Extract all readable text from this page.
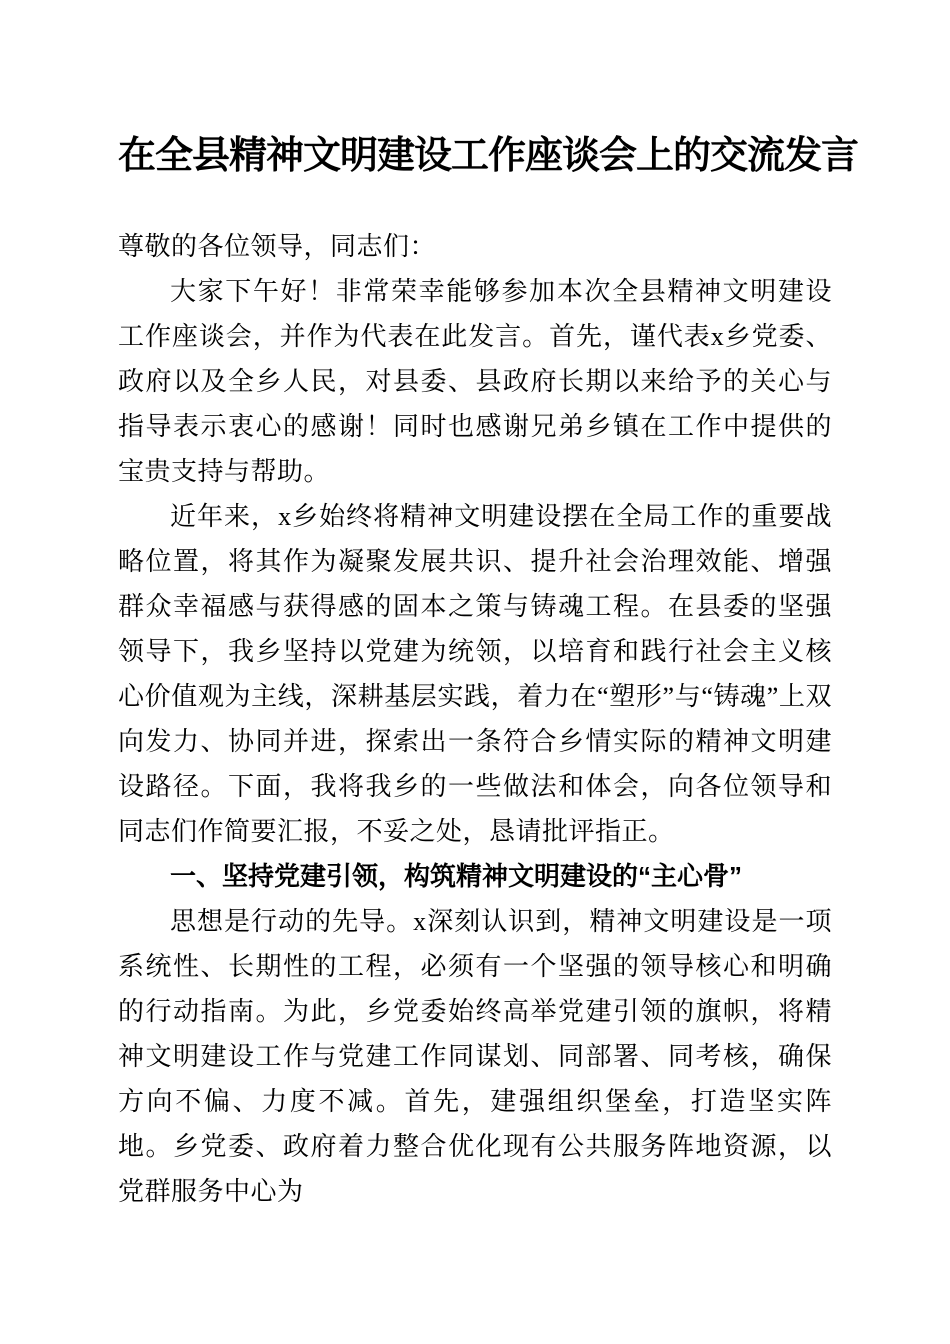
在全县精神文明建设工作座谈会上的交流发言

尊敬的各位领导，同志们：

大家下午好！非常荣幸能够参加本次全县精神文明建设工作座谈会，并作为代表在此发言。首先，谨代表x乡党委、政府以及全乡人民，对县委、县政府长期以来给予的关心与指导表示衷心的感谢！同时也感谢兄弟乡镇在工作中提供的宝贵支持与帮助。

近年来，x乡始终将精神文明建设摆在全局工作的重要战略位置，将其作为凝聚发展共识、提升社会治理效能、增强群众幸福感与获得感的固本之策与铸魂工程。在县委的坚强领导下，我乡坚持以党建为统领，以培育和践行社会主义核心价值观为主线，深耕基层实践，着力在“塑形”与“铸魂”上双向发力、协同并进，探索出一条符合乡情实际的精神文明建设路径。下面，我将我乡的一些做法和体会，向各位领导和同志们作简要汇报，不妥之处，恳请批评指正。

一、坚持党建引领，构筑精神文明建设的“主心骨”

思想是行动的先导。x深刻认识到，精神文明建设是一项系统性、长期性的工程，必须有一个坚强的领导核心和明确的行动指南。为此，乡党委始终高举党建引领的旗帜，将精神文明建设工作与党建工作同谋划、同部署、同考核，确保方向不偏、力度不减。首先，建强组织堡垒，打造坚实阵地。乡党委、政府着力整合优化现有公共服务阵地资源，以党群服务中心为
